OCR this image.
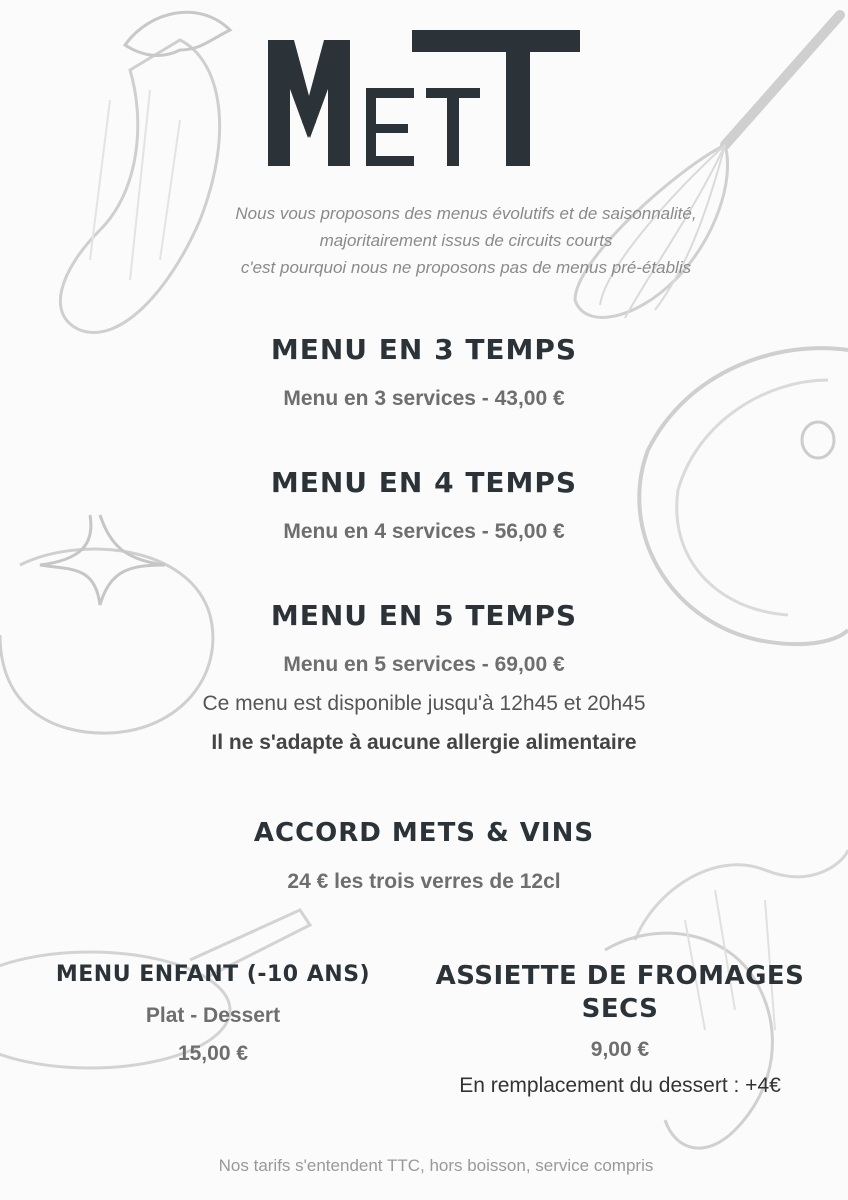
Nous vous proposons des menus évolutifs et de saisonnalité,
majoritairement issus de circuits courts
c'est pourquoi nous ne proposons pas de menus pré-établis
MENU EN 3 TEMPS
Menu en 3 services - 43,00 €
MENU EN 4 TEMPS
Menu en 4 services - 56,00 €
MENU EN 5 TEMPS
Menu en 5 services - 69,00 €
Ce menu est disponible jusqu'à 12h45 et 20h45
Il ne s'adapte à aucune allergie alimentaire
ACCORD METS & VINS
24 € les trois verres de 12cl
MENU ENFANT (-10 ANS)
Plat - Dessert
15,00 €
ASSIETTE DE FROMAGES
SECS
9,00 €
En remplacement du dessert : +4€
Nos tarifs s'entendent TTC, hors boisson, service compris
